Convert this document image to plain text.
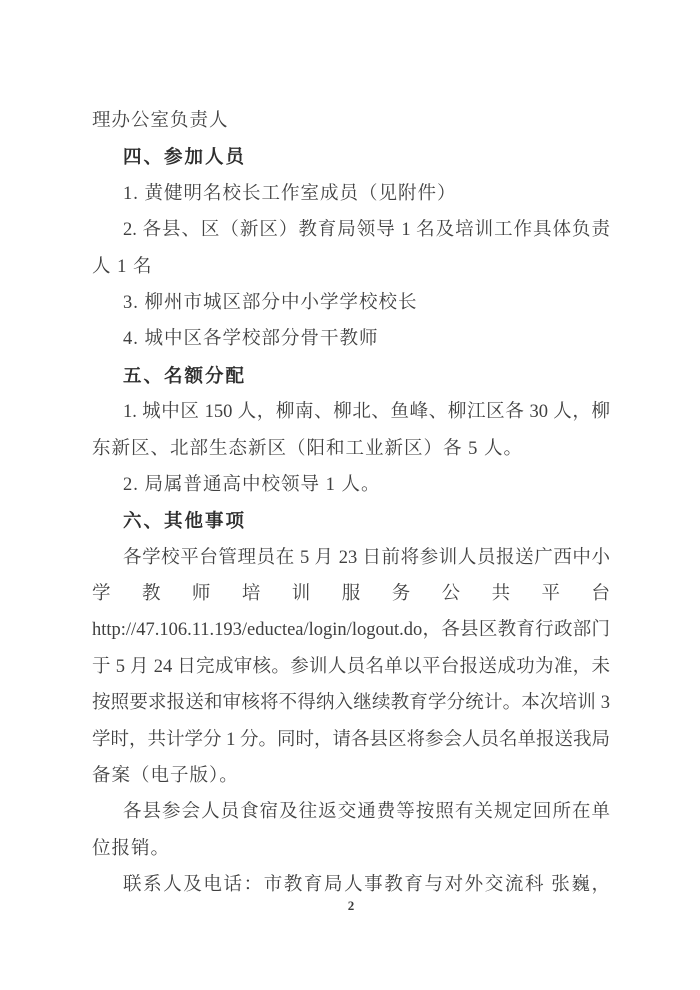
理办公室负责人
四、参加人员
1. 黄健明名校长工作室成员（见附件）
2. 各县、区（新区）教育局领导 1 名及培训工作具体负责
人 1 名
3. 柳州市城区部分中小学学校校长
4. 城中区各学校部分骨干教师
五、名额分配
1. 城中区 150 人，柳南、柳北、鱼峰、柳江区各 30 人，柳
东新区、北部生态新区（阳和工业新区）各 5 人。
2. 局属普通高中校领导 1 人。
六、其他事项
各学校平台管理员在 5 月 23 日前将参训人员报送广西中小
学教师培训服务公共平台
http://47.106.11.193/eductea/login/logout.do，各县区教育行政部门
于 5 月 24 日完成审核。参训人员名单以平台报送成功为准，未
按照要求报送和审核将不得纳入继续教育学分统计。本次培训 3
学时，共计学分 1 分。同时，请各县区将参会人员名单报送我局
备案（电子版）。
各县参会人员食宿及往返交通费等按照有关规定回所在单
位报销。
联系人及电话：市教育局人事教育与对外交流科 张巍，
2
